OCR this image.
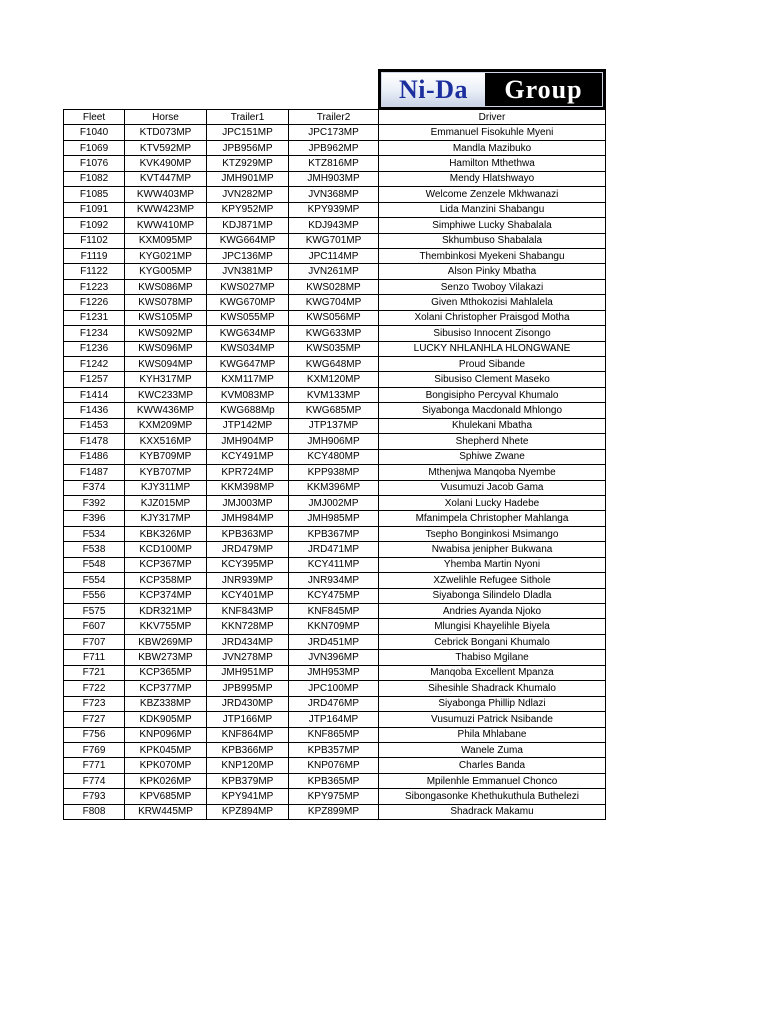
Ni-Da	Group
Fleet	Horse	Trailer1	Trailer2	Driver
F1040	KTD073MP	JPC151MP	JPC173MP	Emmanuel Fisokuhle Myeni
F1069	KTV592MP	JPB956MP	JPB962MP	Mandla Mazibuko
F1076	KVK490MP	KTZ929MP	KTZ816MP	Hamilton Mthethwa
F1082	KVT447MP	JMH901MP	JMH903MP	Mendy Hlatshwayo
F1085	KWW403MP	JVN282MP	JVN368MP	Welcome Zenzele Mkhwanazi
F1091	KWW423MP	KPY952MP	KPY939MP	Lida Manzini Shabangu
F1092	KWW410MP	KDJ871MP	KDJ943MP	Simphiwe Lucky Shabalala
F1102	KXM095MP	KWG664MP	KWG701MP	Skhumbuso Shabalala
F1119	KYG021MP	JPC136MP	JPC114MP	Thembinkosi Myekeni Shabangu
F1122	KYG005MP	JVN381MP	JVN261MP	Alson Pinky Mbatha
F1223	KWS086MP	KWS027MP	KWS028MP	Senzo Twoboy Vilakazi
F1226	KWS078MP	KWG670MP	KWG704MP	Given Mthokozisi Mahlalela
F1231	KWS105MP	KWS055MP	KWS056MP	Xolani Christopher Praisgod Motha
F1234	KWS092MP	KWG634MP	KWG633MP	Sibusiso Innocent Zisongo
F1236	KWS096MP	KWS034MP	KWS035MP	LUCKY NHLANHLA HLONGWANE
F1242	KWS094MP	KWG647MP	KWG648MP	Proud Sibande
F1257	KYH317MP	KXM117MP	KXM120MP	Sibusiso Clement Maseko
F1414	KWC233MP	KVM083MP	KVM133MP	Bongisipho Percyval Khumalo
F1436	KWW436MP	KWG688Mp	KWG685MP	Siyabonga Macdonald Mhlongo
F1453	KXM209MP	JTP142MP	JTP137MP	Khulekani Mbatha
F1478	KXX516MP	JMH904MP	JMH906MP	Shepherd Nhete
F1486	KYB709MP	KCY491MP	KCY480MP	Sphiwe Zwane
F1487	KYB707MP	KPR724MP	KPP938MP	Mthenjwa Manqoba Nyembe
F374	KJY311MP	KKM398MP	KKM396MP	Vusumuzi Jacob Gama
F392	KJZ015MP	JMJ003MP	JMJ002MP	Xolani Lucky Hadebe
F396	KJY317MP	JMH984MP	JMH985MP	Mfanimpela Christopher Mahlanga
F534	KBK326MP	KPB363MP	KPB367MP	Tsepho Bonginkosi Msimango
F538	KCD100MP	JRD479MP	JRD471MP	Nwabisa jenipher Bukwana
F548	KCP367MP	KCY395MP	KCY411MP	Yhemba Martin Nyoni
F554	KCP358MP	JNR939MP	JNR934MP	XZwelihle Refugee Sithole
F556	KCP374MP	KCY401MP	KCY475MP	Siyabonga Silindelo Dladla
F575	KDR321MP	KNF843MP	KNF845MP	Andries Ayanda Njoko
F607	KKV755MP	KKN728MP	KKN709MP	Mlungisi Khayelihle Biyela
F707	KBW269MP	JRD434MP	JRD451MP	Cebrick Bongani Khumalo
F711	KBW273MP	JVN278MP	JVN396MP	Thabiso Mgilane
F721	KCP365MP	JMH951MP	JMH953MP	Manqoba Excellent Mpanza
F722	KCP377MP	JPB995MP	JPC100MP	Sihesihle Shadrack Khumalo
F723	KBZ338MP	JRD430MP	JRD476MP	Siyabonga Phillip Ndlazi
F727	KDK905MP	JTP166MP	JTP164MP	Vusumuzi Patrick Nsibande
F756	KNP096MP	KNF864MP	KNF865MP	Phila Mhlabane
F769	KPK045MP	KPB366MP	KPB357MP	Wanele Zuma
F771	KPK070MP	KNP120MP	KNP076MP	Charles Banda
F774	KPK026MP	KPB379MP	KPB365MP	Mpilenhle Emmanuel Chonco
F793	KPV685MP	KPY941MP	KPY975MP	Sibongasonke Khethukuthula Buthelezi
F808	KRW445MP	KPZ894MP	KPZ899MP	Shadrack Makamu
